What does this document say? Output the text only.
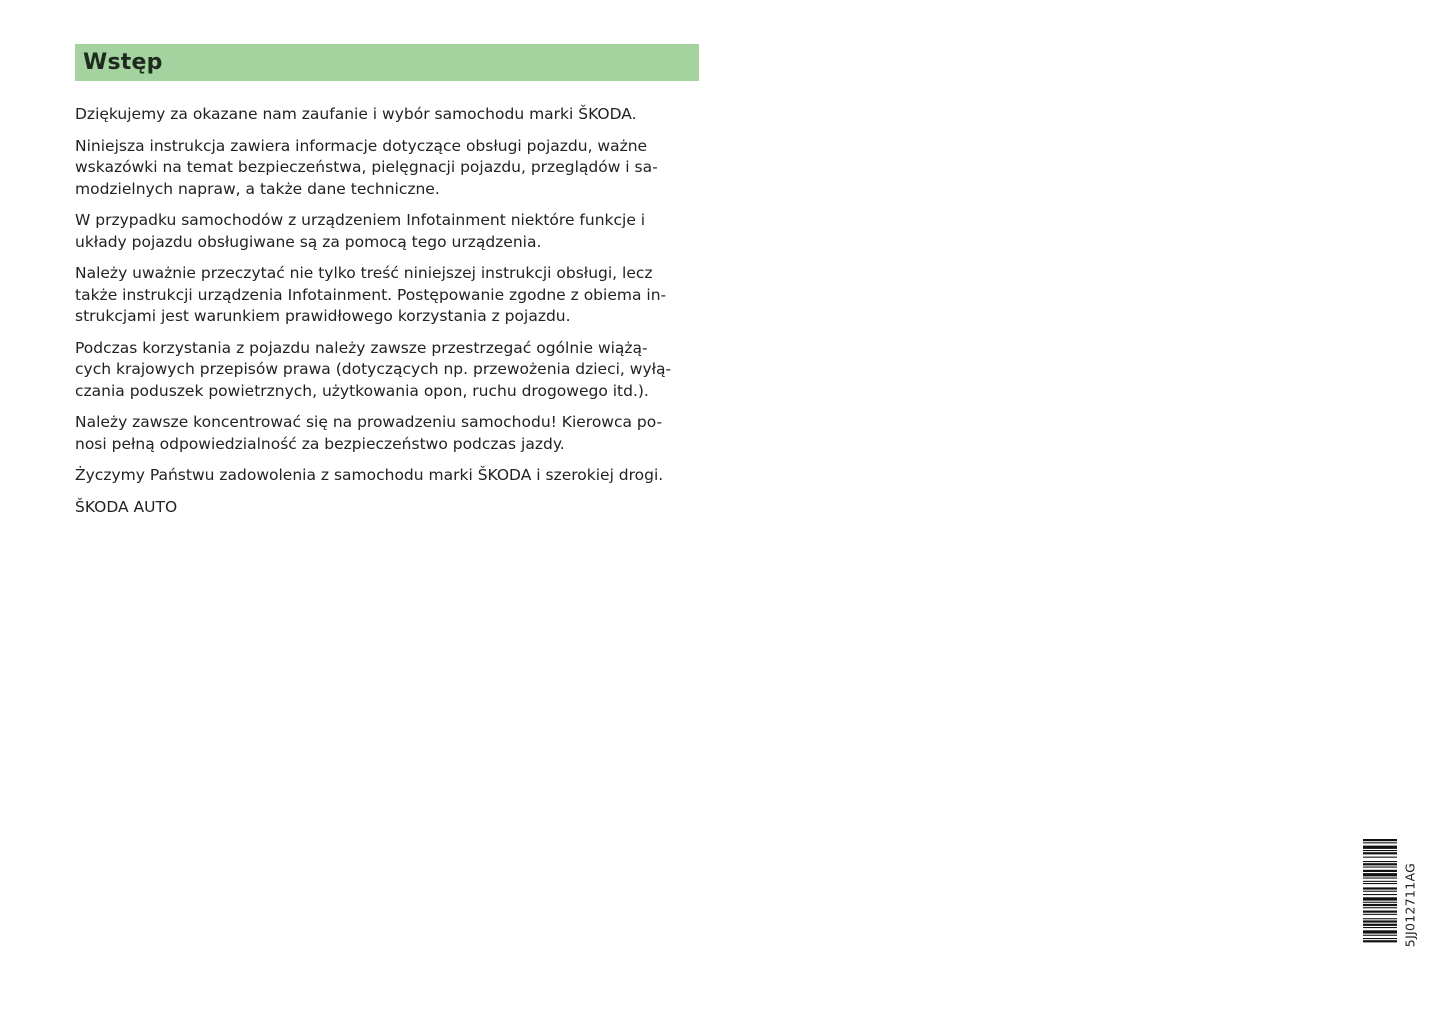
Wstęp

Dziękujemy za okazane nam zaufanie i wybór samochodu marki ŠKODA.

Niniejsza instrukcja zawiera informacje dotyczące obsługi pojazdu, ważne
wskazówki na temat bezpieczeństwa, pielęgnacji pojazdu, przeglądów i sa-
modzielnych napraw, a także dane techniczne.

W przypadku samochodów z urządzeniem Infotainment niektóre funkcje i
układy pojazdu obsługiwane są za pomocą tego urządzenia.

Należy uważnie przeczytać nie tylko treść niniejszej instrukcji obsługi, lecz
także instrukcji urządzenia Infotainment. Postępowanie zgodne z obiema in-
strukcjami jest warunkiem prawidłowego korzystania z pojazdu.

Podczas korzystania z pojazdu należy zawsze przestrzegać ogólnie wiążą-
cych krajowych przepisów prawa (dotyczących np. przewożenia dzieci, wyłą-
czania poduszek powietrznych, użytkowania opon, ruchu drogowego itd.).

Należy zawsze koncentrować się na prowadzeniu samochodu! Kierowca po-
nosi pełną odpowiedzialność za bezpieczeństwo podczas jazdy.

Życzymy Państwu zadowolenia z samochodu marki ŠKODA i szerokiej drogi.

ŠKODA AUTO

5JJ012711AG
